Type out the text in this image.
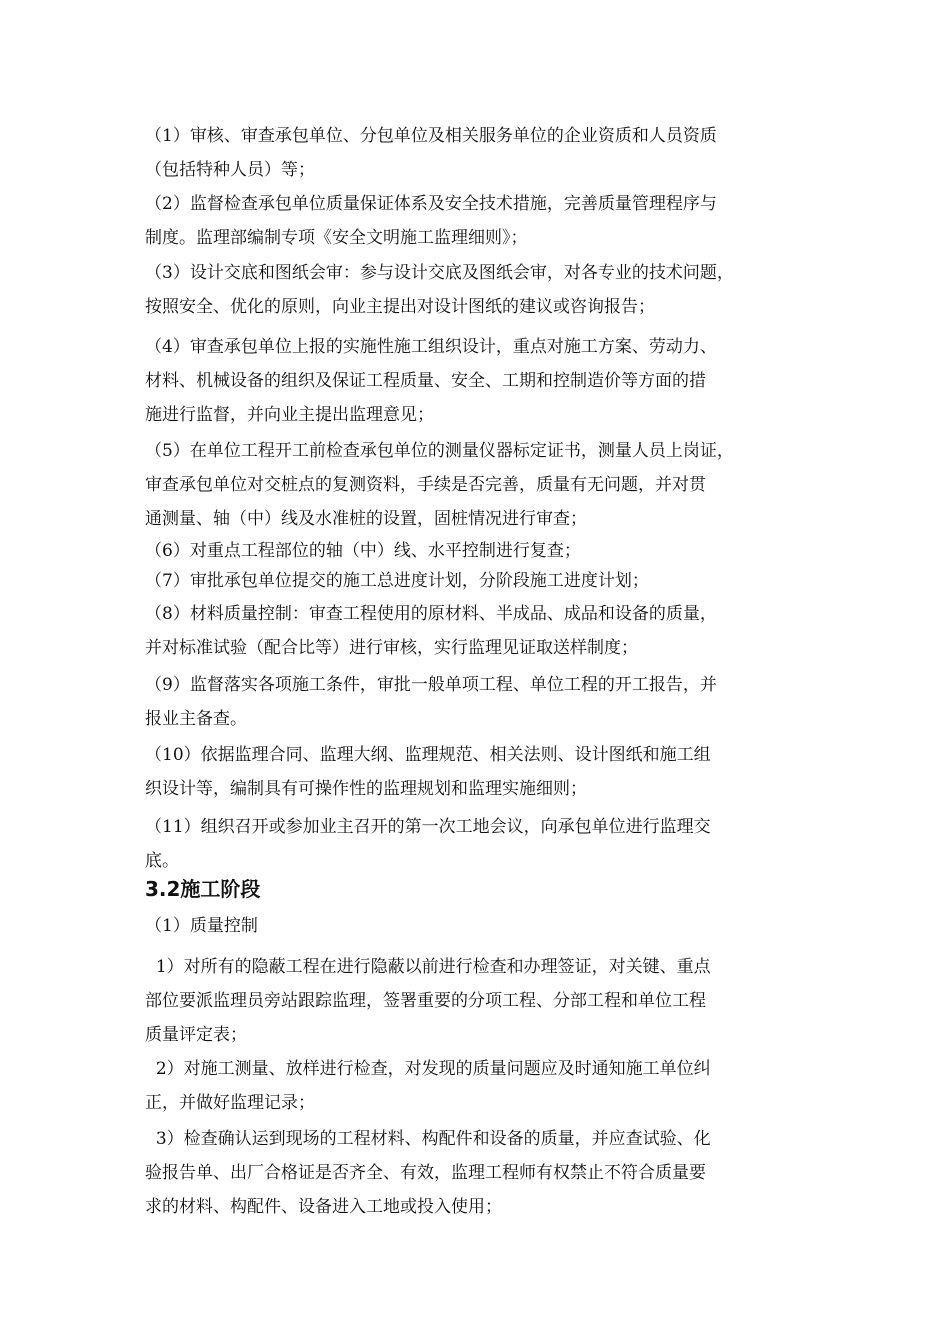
（1）审核、审查承包单位、分包单位及相关服务单位的企业资质和人员资质
（包括特种人员）等；
（2）监督检查承包单位质量保证体系及安全技术措施，完善质量管理程序与
制度。监理部编制专项《安全文明施工监理细则》；
（3）设计交底和图纸会审：参与设计交底及图纸会审，对各专业的技术问题，
按照安全、优化的原则，向业主提出对设计图纸的建议或咨询报告；
（4）审查承包单位上报的实施性施工组织设计，重点对施工方案、劳动力、
材料、机械设备的组织及保证工程质量、安全、工期和控制造价等方面的措
施进行监督，并向业主提出监理意见；
（5）在单位工程开工前检查承包单位的测量仪器标定证书，测量人员上岗证，
审查承包单位对交桩点的复测资料，手续是否完善，质量有无问题，并对贯
通测量、轴（中）线及水准桩的设置，固桩情况进行审查；
（6）对重点工程部位的轴（中）线、水平控制进行复查；
（7）审批承包单位提交的施工总进度计划，分阶段施工进度计划；
（8）材料质量控制：审查工程使用的原材料、半成品、成品和设备的质量，
并对标准试验（配合比等）进行审核，实行监理见证取送样制度；
（9）监督落实各项施工条件，审批一般单项工程、单位工程的开工报告，并
报业主备查。
（10）依据监理合同、监理大纲、监理规范、相关法则、设计图纸和施工组
织设计等，编制具有可操作性的监理规划和监理实施细则；
（11）组织召开或参加业主召开的第一次工地会议，向承包单位进行监理交
底。
3.2施工阶段
（1）质量控制
1）对所有的隐蔽工程在进行隐蔽以前进行检查和办理签证，对关键、重点
部位要派监理员旁站跟踪监理，签署重要的分项工程、分部工程和单位工程
质量评定表；
2）对施工测量、放样进行检查，对发现的质量问题应及时通知施工单位纠
正，并做好监理记录；
3）检查确认运到现场的工程材料、构配件和设备的质量，并应查试验、化
验报告单、出厂合格证是否齐全、有效，监理工程师有权禁止不符合质量要
求的材料、构配件、设备进入工地或投入使用；
